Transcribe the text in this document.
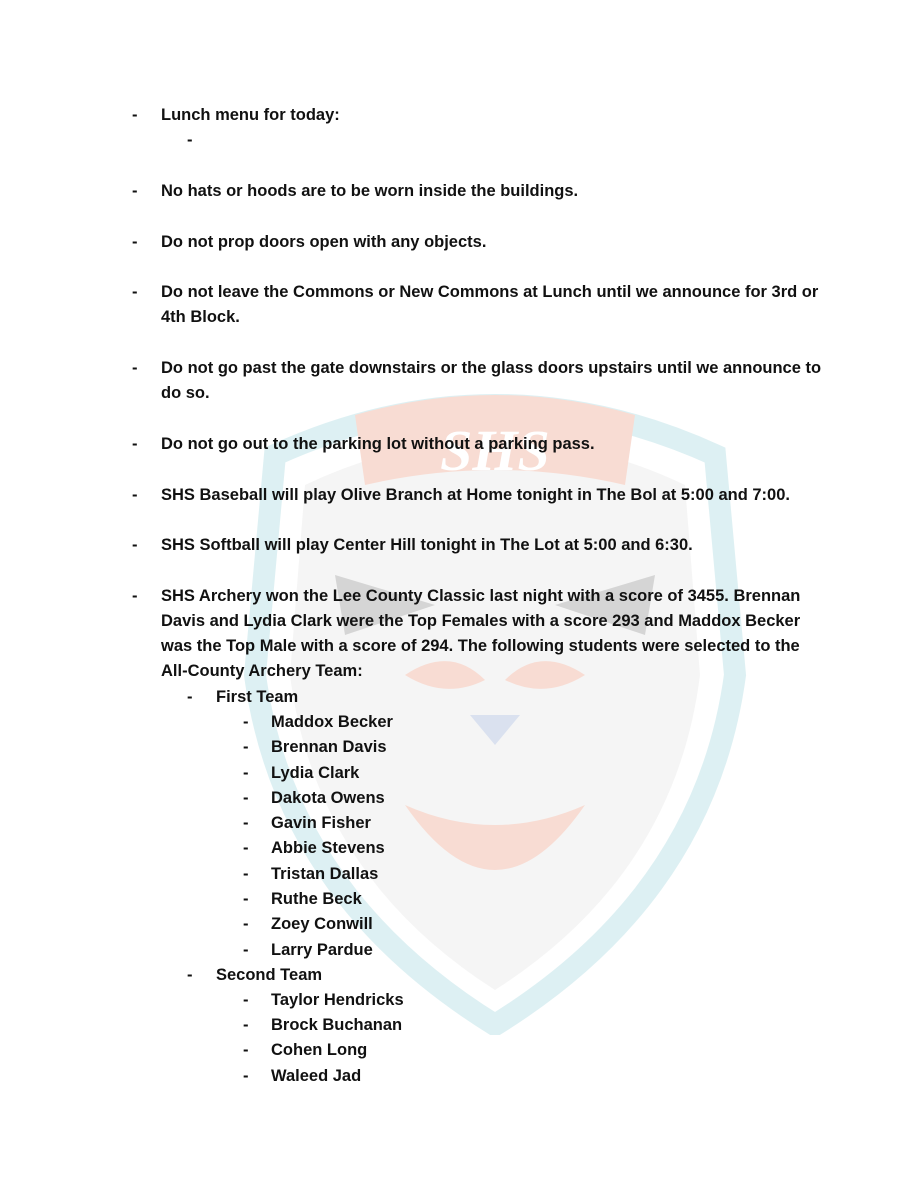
SHS
- Lunch menu for today:
-
- No hats or hoods are to be worn inside the buildings.
- Do not prop doors open with any objects.
- Do not leave the Commons or New Commons at Lunch until we announce for 3rd or 4th Block.
- Do not go past the gate downstairs or the glass doors upstairs until we announce to do so.
- Do not go out to the parking lot without a parking pass.
- SHS Baseball will play Olive Branch at Home tonight in The Bol at 5:00 and 7:00.
- SHS Softball will play Center Hill tonight in The Lot at 5:00 and 6:30.
- SHS Archery won the Lee County Classic last night with a score of 3455. Brennan Davis and Lydia Clark were the Top Females with a score 293 and Maddox Becker was the Top Male with a score of 294. The following students were selected to the All-County Archery Team:
- First Team
- Maddox Becker
- Brennan Davis
- Lydia Clark
- Dakota Owens
- Gavin Fisher
- Abbie Stevens
- Tristan Dallas
- Ruthe Beck
- Zoey Conwill
- Larry Pardue
- Second Team
- Taylor Hendricks
- Brock Buchanan
- Cohen Long
- Waleed Jad
